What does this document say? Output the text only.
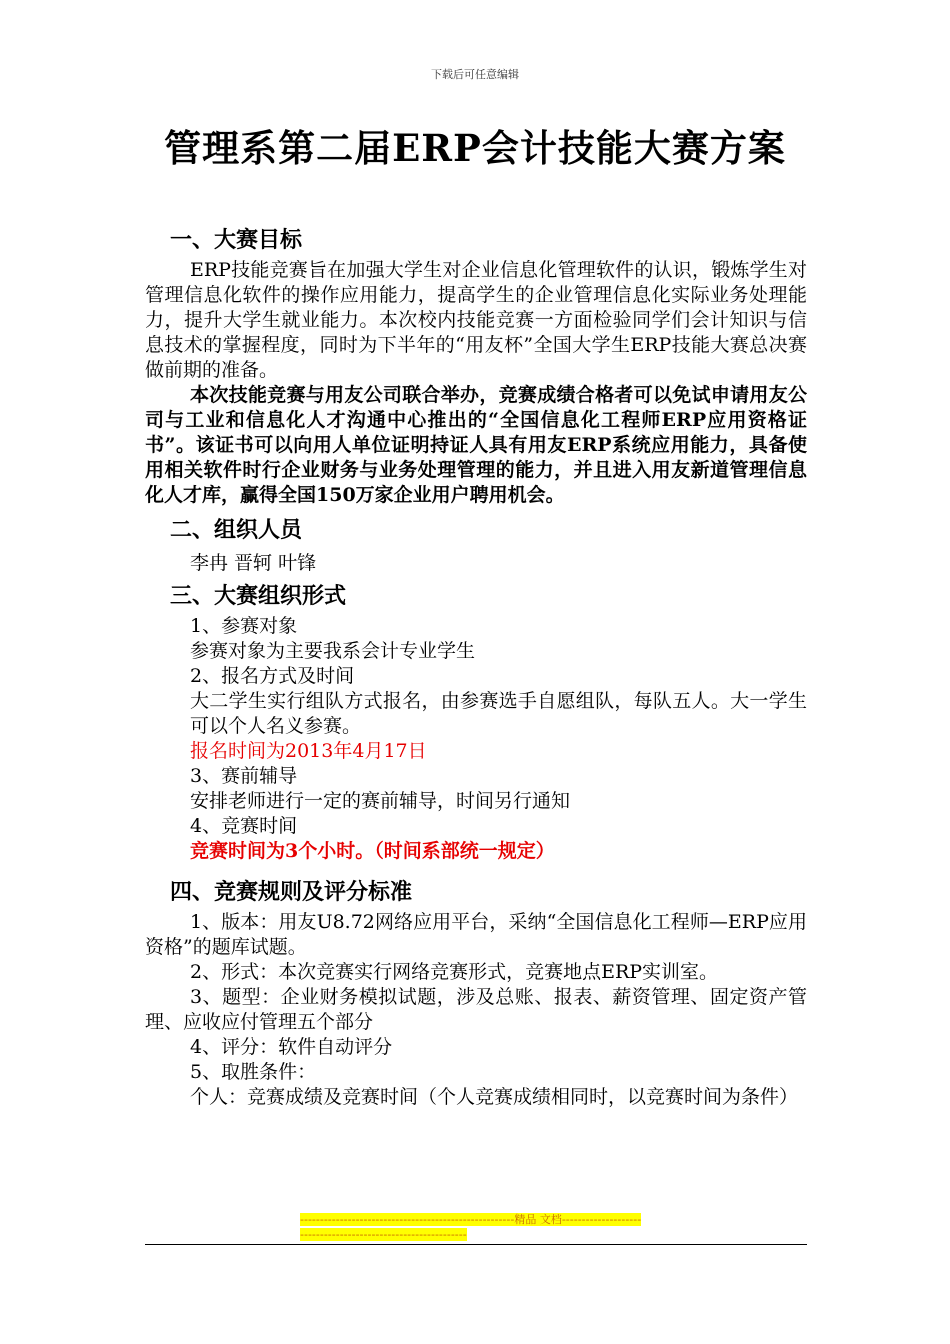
下载后可任意编辑
管理系第二届ERP会计技能大赛方案
一、大赛目标

ERP技能竞赛旨在加强大学生对企业信息化管理软件的认识，锻炼学生对管理信息化软件的操作应用能力，提高学生的企业管理信息化实际业务处理能力，提升大学生就业能力。本次校内技能竞赛一方面检验同学们会计知识与信息技术的掌握程度，同时为下半年的“用友杯”全国大学生ERP技能大赛总决赛做前期的准备。

本次技能竞赛与用友公司联合举办，竞赛成绩合格者可以免试申请用友公司与工业和信息化人才沟通中心推出的“全国信息化工程师ERP应用资格证书”。该证书可以向用人单位证明持证人具有用友ERP系统应用能力，具备使用相关软件时行企业财务与业务处理管理的能力，并且进入用友新道管理信息化人才库，赢得全国150万家企业用户聘用机会。

二、组织人员

李冉 晋轲 叶锋

三、大赛组织形式

1、参赛对象

参赛对象为主要我系会计专业学生

2、报名方式及时间

大二学生实行组队方式报名，由参赛选手自愿组队，每队五人。大一学生可以个人名义参赛。

报名时间为2013年4月17日

3、赛前辅导

安排老师进行一定的赛前辅导，时间另行通知

4、竞赛时间

竞赛时间为3个小时。（时间系部统一规定）

四、竞赛规则及评分标准

1、版本：用友U8.72网络应用平台，采纳“全国信息化工程师—ERP应用资格”的题库试题。

2、形式：本次竞赛实行网络竞赛形式，竞赛地点ERP实训室。

3、题型：企业财务模拟试题，涉及总账、报表、薪资管理、固定资产管理、应收应付管理五个部分

4、评分：软件自动评分

5、取胜条件：

个人：竞赛成绩及竞赛时间（个人竞赛成绩相同时，以竞赛时间为条件）

------------------------------------------------------精品 文档--------------------------------------------------------------
